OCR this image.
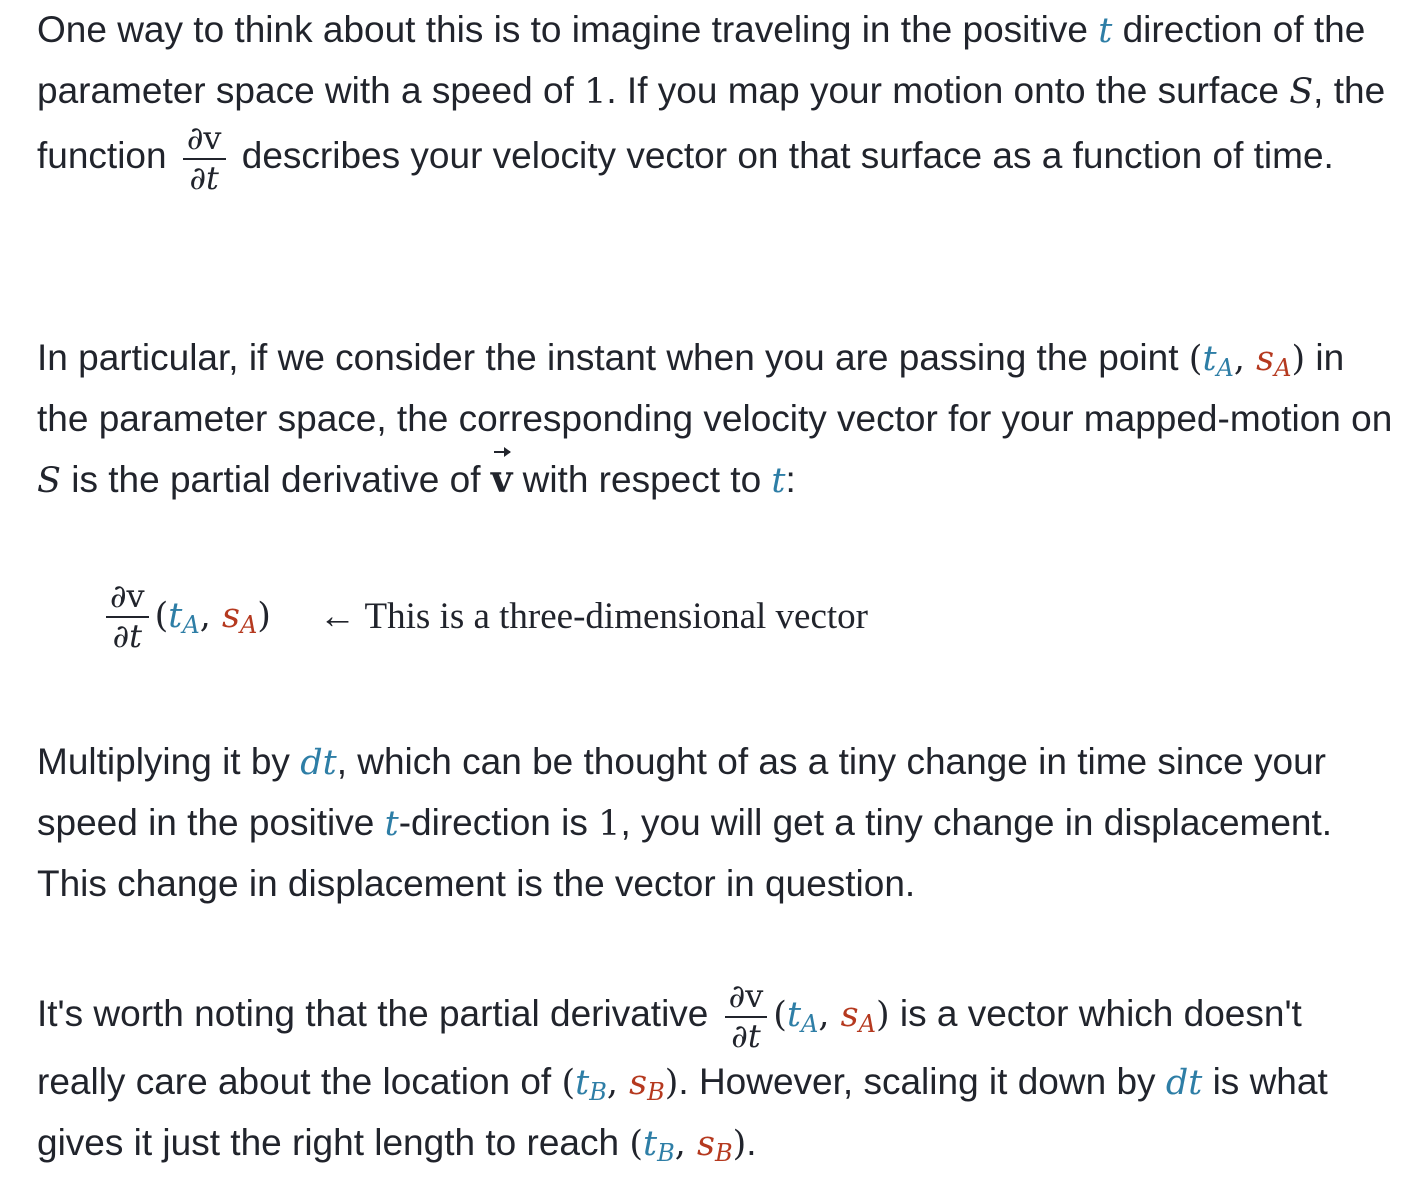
One way to think about this is to imagine traveling in the positive t direction of the parameter space with a speed of 1. If you map your motion onto the surface S, the function $\frac{\partial v}{\partial t}$ describes your velocity vector on that surface as a function of time.

In particular, if we consider the instant when you are passing the point ($t_A$, $s_A$) in the parameter space, the corresponding velocity vector for your mapped-motion on S is the partial derivative of v with respect to t:

Multiplying it by dt, which can be thought of as a tiny change in time since your speed in the positive t-direction is 1, you will get a tiny change in displacement. This change in displacement is the vector in question.

It's worth noting that the partial derivative $\frac{\partial v}{\partial t} (t_A$, $s_A$) is a vector which doesn't really care about the location of ($t_B$, $s_B$). However, scaling it down by dt is what gives it just the right length to reach ($t_B$, $s_B$).

$\frac{\partial v}{\partial t} (t_A$, $s_A$) ← This is a three-dimensional vector
